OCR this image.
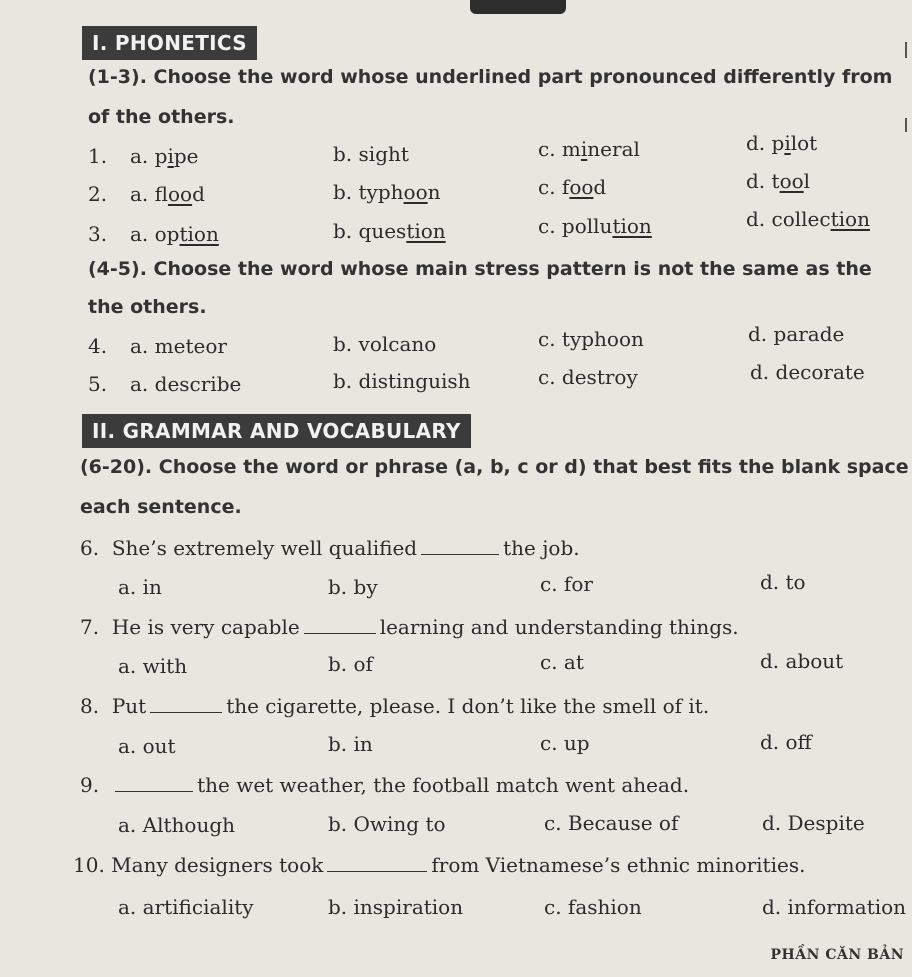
I. PHONETICS
(1-3). Choose the word whose underlined part pronounced differently from
of the others.
1. a. pipe	b. sight	c. mineral	d. pilot
2. a. flood	b. typhoon	c. food	d. tool
3. a. option	b. question	c. pollution	d. collection
(4-5). Choose the word whose main stress pattern is not the same as the
the others.
4. a. meteor	b. volcano	c. typhoon	d. parade
5. a. describe	b. distinguish	c. destroy	d. decorate
II. GRAMMAR AND VOCABULARY
(6-20). Choose the word or phrase (a, b, c or d) that best fits the blank space
each sentence.
6. She’s extremely well qualified	the job.
a. in	b. by	c. for	d. to
7. He is very capable	learning and understanding things.
a. with	b. of	c. at	d. about
8. Put	the cigarette, please. I don’t like the smell of it.
a. out	b. in	c. up	d. off
9.	the wet weather, the football match went ahead.
a. Although	b. Owing to	c. Because of	d. Despite
10. Many designers took	from Vietnamese’s ethnic minorities.
a. artificiality	b. inspiration	c. fashion	d. information
PHẦN CĂN BẢN
